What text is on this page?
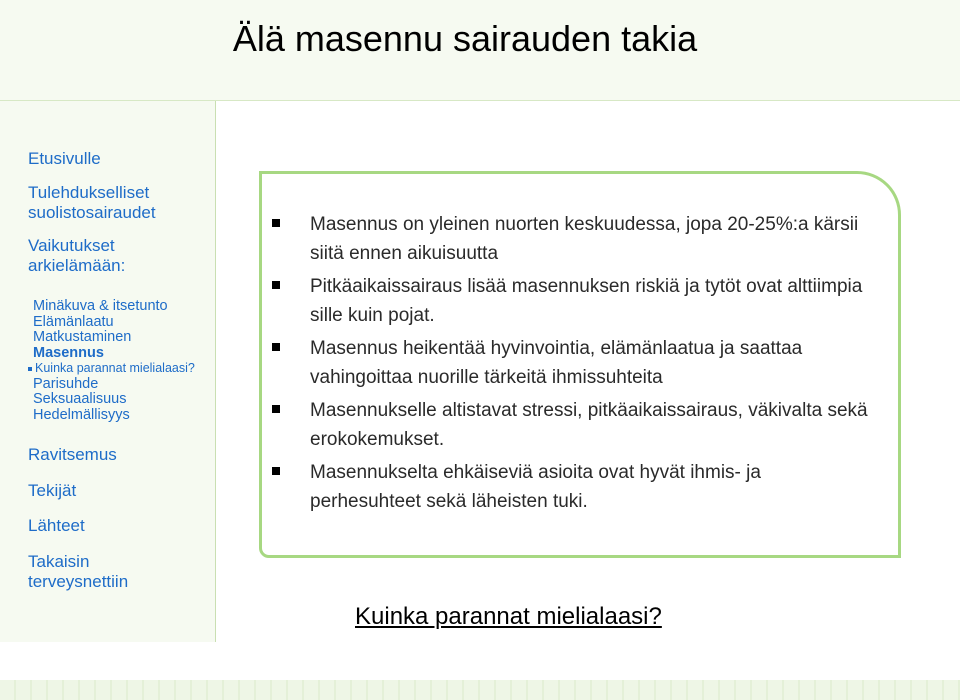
Älä masennu sairauden takia
Etusivulle
Tulehdukselliset suolistosairaudet
Vaikutukset arkielämään:
Minäkuva & itsetunto
Elämänlaatu
Matkustaminen
Masennus
Kuinka parannat mielialaasi?
Parisuhde
Seksuaalisuus
Hedelmällisyys
Ravitsemus
Tekijät
Lähteet
Takaisin terveysnettiin
Masennus on yleinen nuorten keskuudessa, jopa 20-25%:a kärsii siitä ennen aikuisuutta
Pitkäaikaissairaus lisää masennuksen riskiä ja tytöt ovat alttiimpia sille kuin pojat.
Masennus heikentää hyvinvointia, elämänlaatua ja saattaa vahingoittaa nuorille tärkeitä ihmissuhteita
Masennukselle altistavat stressi, pitkäaikaissairaus, väkivalta sekä erokokemukset.
Masennukselta ehkäiseviä asioita ovat hyvät ihmis- ja perhesuhteet sekä läheisten tuki.
Kuinka parannat mielialaasi?
